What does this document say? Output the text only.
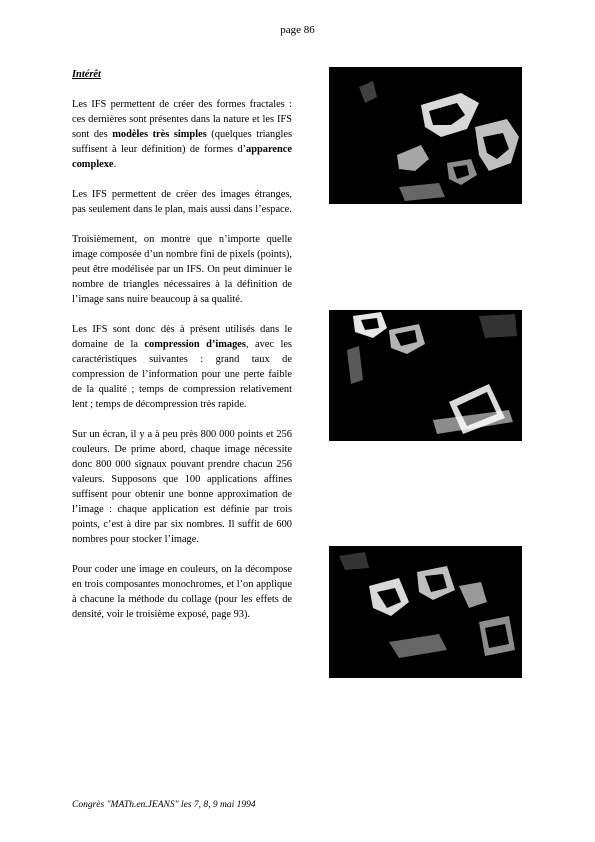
page 86

Intérêt

Les IFS permettent de créer des formes fractales : ces dernières sont présentes dans la nature et les IFS sont des modèles très simples (quelques triangles suffisent à leur définition) de formes d’apparence complexe.

Les IFS permettent de créer des images étranges, pas seulement dans le plan, mais aussi dans l’espace.

Troisièmement, on montre que n’importe quelle image composée d’un nombre fini de pixels (points), peut être modélisée par un IFS. On peut diminuer le nombre de triangles nécessaires à la définition de l’image sans nuire beaucoup à sa qualité.

Les IFS sont donc dès à présent utilisés dans le domaine de la compression d’images, avec les caractéristiques suivantes : grand taux de compression de l’information pour une perte faible de la qualité ; temps de compression relativement lent ; temps de décompression très rapide.

Sur un écran, il y a à peu près 800 000 points et 256 couleurs. De prime abord, chaque image nécessite donc 800 000 signaux pouvant prendre chacun 256 valeurs. Supposons que 100 applications affines suffisent pour obtenir une bonne approximation de l’image : chaque application est définie par trois points, c’est à dire par six nombres. Il suffit de 600 nombres pour stocker l’image.

Pour coder une image en couleurs, on la décompose en trois composantes monochromes, et l’on applique à chacune la méthode du collage (pour les effets de densité, voir le troisième exposé, page 93).

Congrès "MATh.en.JEANS" les 7, 8, 9 mai 1994
